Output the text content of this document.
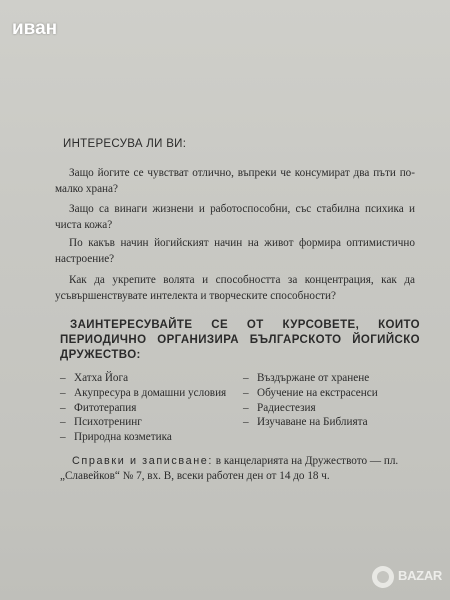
иван
ИНТЕРЕСУВА ЛИ ВИ:

Защо йогите се чувстват отлично, въпреки че консумират два пъти по-малко храна?

Защо са винаги жизнени и работоспособни, със стабилна психика и чиста кожа?

По какъв начин йогийският начин на живот формира оптимистично настроение?

Как да укрепите волята и способността за концентрация, как да усъвършенствувате интелекта и творческите способности?

ЗАИНТЕРЕСУВАЙТЕ СЕ ОТ КУРСОВЕТЕ, КОИТО ПЕРИОДИЧНО ОРГАНИЗИРА БЪЛГАРСКОТО ЙОГИЙСКО ДРУЖЕСТВО:
– Хатха Йога
– Акупресура в домашни условия
– Фитотерапия
– Психотренинг
– Природна козметика
– Въздържане от хранене
– Обучение на екстрасенси
– Радиестезия
– Изучаване на Библията

Справки и записване: в канцеларията на Дружеството — пл. „Славейков“ № 7, вх. В, всеки работен ден от 14 до 18 ч.

BAZAR
